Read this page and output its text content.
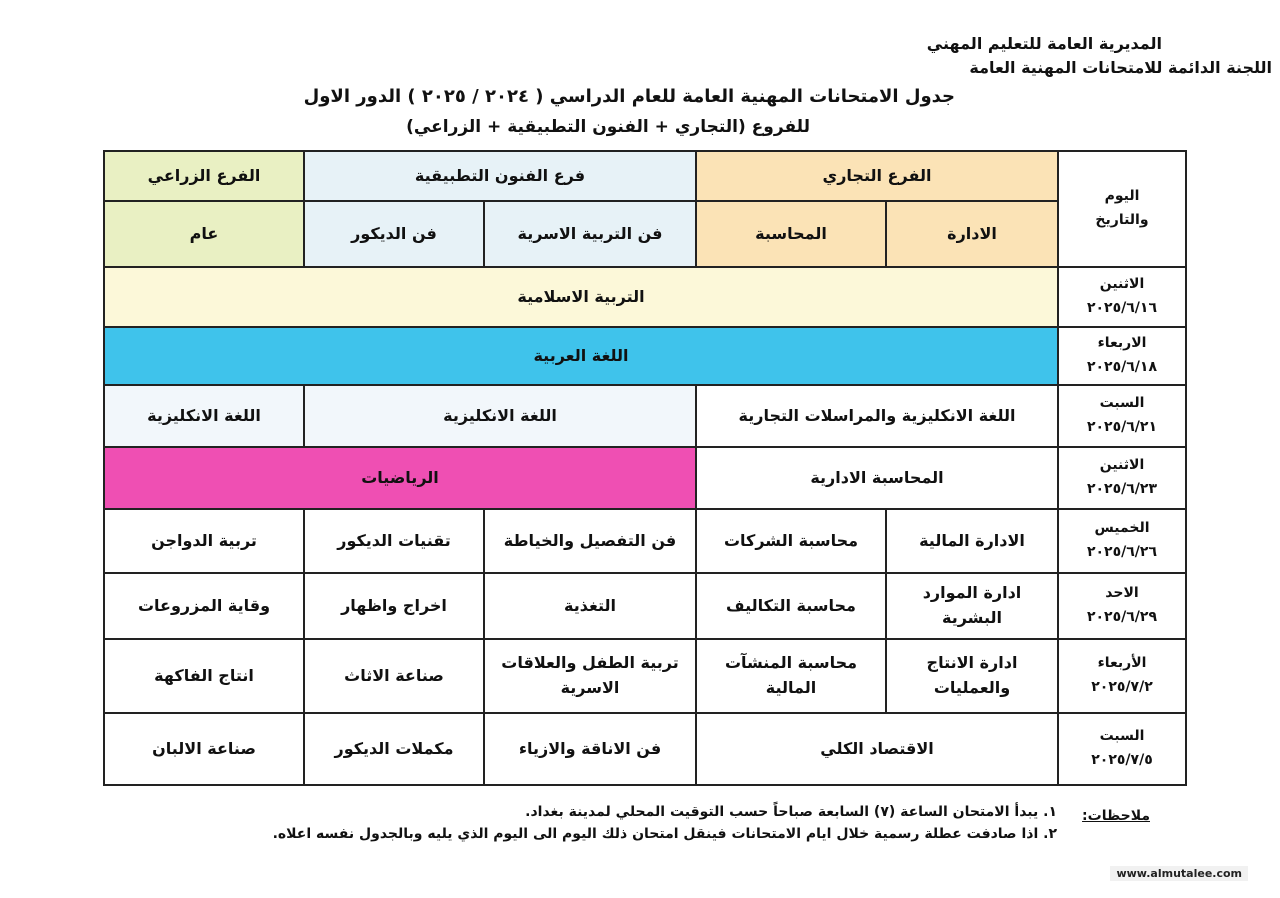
المديرية العامة للتعليم المهني
اللجنة الدائمة للامتحانات المهنية العامة
جدول الامتحانات المهنية العامة للعام الدراسي ( ٢٠٢٤ / ٢٠٢٥ ) الدور الاول
للفروع (التجاري + الفنون التطبيقية + الزراعي)
اليوم
والتاريخ	الفرع التجاري		فرع الفنون التطبيقية		الفرع الزراعي
	الادارة	المحاسبة	فن التربية الاسرية	فن الديكور	عام

الاثنين
٢٠٢٥/٦/١٦	التربية الاسلامية				

الاربعاء
٢٠٢٥/٦/١٨	اللغة العربية				

السبت
٢٠٢٥/٦/٢١	اللغة الانكليزية والمراسلات التجارية		اللغة الانكليزية		اللغة الانكليزية

الاثنين
٢٠٢٥/٦/٢٣	المحاسبة الادارية		الرياضيات		

الخميس
٢٠٢٥/٦/٢٦	الادارة المالية	محاسبة الشركات	فن التفصيل والخياطة	تقنيات الديكور	تربية الدواجن

الاحد
٢٠٢٥/٦/٢٩	ادارة الموارد البشرية	محاسبة التكاليف	التغذية	اخراج واظهار	وقاية المزروعات

الأربعاء
٢٠٢٥/٧/٢	ادارة الانتاج والعمليات	محاسبة المنشآت المالية	تربية الطفل والعلاقات الاسرية	صناعة الاثاث	انتاج الفاكهة

السبت
٢٠٢٥/٧/٥	الاقتصاد الكلي		فن الاناقة والازياء	مكملات الديكور	صناعة الالبان
ملاحظات:
١. يبدأ الامتحان الساعة (٧) السابعة صباحاً حسب التوقيت المحلي لمدينة بغداد.
٢. اذا صادفت عطلة رسمية خلال ايام الامتحانات فينقل امتحان ذلك اليوم الى اليوم الذي يليه وبالجدول نفسه اعلاه.
www.almutalee.com
